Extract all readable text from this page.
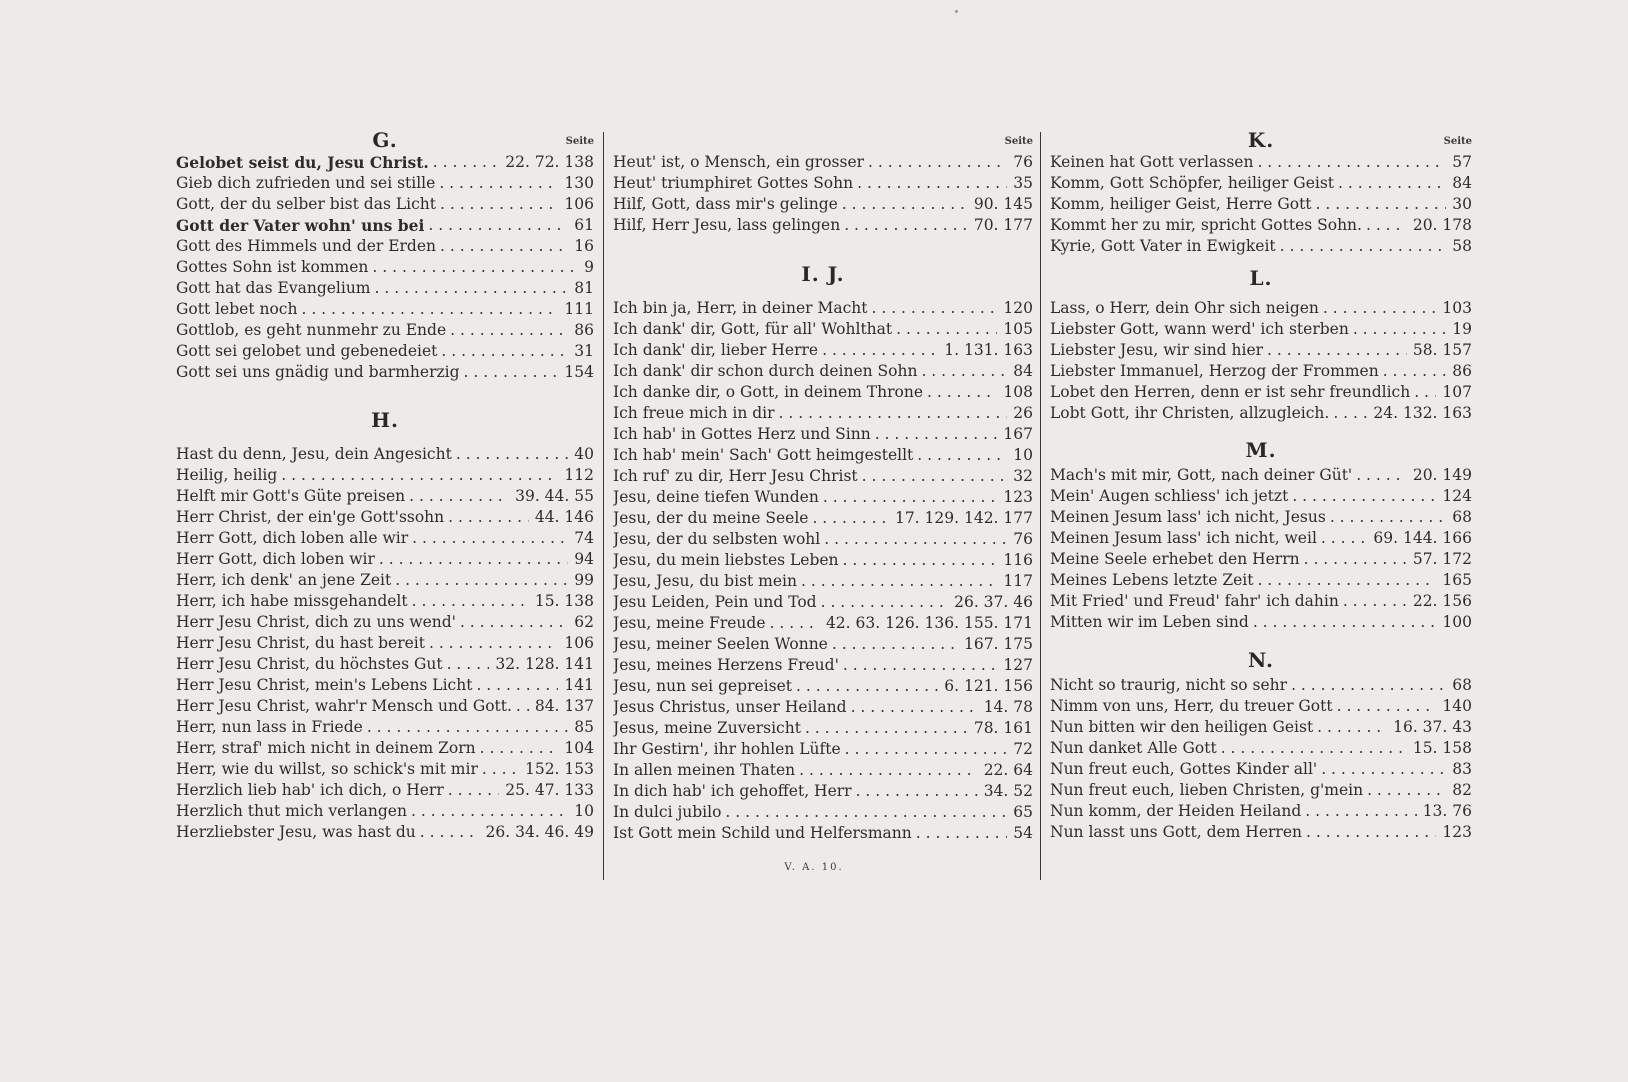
Seite
G.
Gelobet seist du, Jesu Christ. . . .	22. 72. 138
Gieb dich zufrieden und sei stille . . .	130
Gott, der du selber bist das Licht . . .	106
Gott der Vater wohn' uns bei . . .	61
Gott des Himmels und der Erden . . .	16
Gottes Sohn ist kommen . . .	9
Gott hat das Evangelium . . .	81
Gott lebet noch . . .	111
Gottlob, es geht nunmehr zu Ende . . .	86
Gott sei gelobet und gebenedeiet . . .	31
Gott sei uns gnädig und barmherzig . . .	154
H.
Hast du denn, Jesu, dein Angesicht . . .	40
Heilig, heilig . . .	112
Helft mir Gott's Güte preisen . . .	39. 44. 55
Herr Christ, der ein'ge Gott'ssohn . . .	44. 146
Herr Gott, dich loben alle wir . . .	74
Herr Gott, dich loben wir . . .	94
Herr, ich denk' an jene Zeit . . .	99
Herr, ich habe missgehandelt . . .	15. 138
Herr Jesu Christ, dich zu uns wend' . . .	62
Herr Jesu Christ, du hast bereit . . .	106
Herr Jesu Christ, du höchstes Gut . . .	32. 128. 141
Herr Jesu Christ, mein's Lebens Licht . . .	141
Herr Jesu Christ, wahr'r Mensch und Gott. . . .	84. 137
Herr, nun lass in Friede . . .	85
Herr, straf' mich nicht in deinem Zorn . . .	104
Herr, wie du willst, so schick's mit mir . . .	152. 153
Herzlich lieb hab' ich dich, o Herr . . .	25. 47. 133
Herzlich thut mich verlangen . . .	10
Herzliebster Jesu, was hast du . . .	26. 34. 46. 49
Seite
Heut' ist, o Mensch, ein grosser . . .	76
Heut' triumphiret Gottes Sohn . . .	35
Hilf, Gott, dass mir's gelinge . . .	90. 145
Hilf, Herr Jesu, lass gelingen . . .	70. 177
I. J.
Ich bin ja, Herr, in deiner Macht . . .	120
Ich dank' dir, Gott, für all' Wohlthat . . .	105
Ich dank' dir, lieber Herre . . .	1. 131. 163
Ich dank' dir schon durch deinen Sohn . . .	84
Ich danke dir, o Gott, in deinem Throne . . .	108
Ich freue mich in dir . . .	26
Ich hab' in Gottes Herz und Sinn . . .	167
Ich hab' mein' Sach' Gott heimgestellt . . .	10
Ich ruf' zu dir, Herr Jesu Christ . . .	32
Jesu, deine tiefen Wunden . . .	123
Jesu, der du meine Seele . . .	17. 129. 142. 177
Jesu, der du selbsten wohl . . .	76
Jesu, du mein liebstes Leben . . .	116
Jesu, Jesu, du bist mein . . .	117
Jesu Leiden, Pein und Tod . . .	26. 37. 46
Jesu, meine Freude . . .	42. 63. 126. 136. 155. 171
Jesu, meiner Seelen Wonne . . .	167. 175
Jesu, meines Herzens Freud' . . .	127
Jesu, nun sei gepreiset . . .	6. 121. 156
Jesus Christus, unser Heiland . . .	14. 78
Jesus, meine Zuversicht . . .	78. 161
Ihr Gestirn', ihr hohlen Lüfte . . .	72
In allen meinen Thaten . . .	22. 64
In dich hab' ich gehoffet, Herr . . .	34. 52
In dulci jubilo . . .	65
Ist Gott mein Schild und Helfersmann . . .	54
Seite
K.
Keinen hat Gott verlassen . . .	57
Komm, Gott Schöpfer, heiliger Geist . . .	84
Komm, heiliger Geist, Herre Gott . . .	30
Kommt her zu mir, spricht Gottes Sohn. . . .	20. 178
Kyrie, Gott Vater in Ewigkeit . . .	58
L.
Lass, o Herr, dein Ohr sich neigen . . .	103
Liebster Gott, wann werd' ich sterben . . .	19
Liebster Jesu, wir sind hier . . .	58. 157
Liebster Immanuel, Herzog der Frommen . . .	86
Lobet den Herren, denn er ist sehr freundlich . . .	107
Lobt Gott, ihr Christen, allzugleich. . . .	24. 132. 163
M.
Mach's mit mir, Gott, nach deiner Güt' . . .	20. 149
Mein' Augen schliess' ich jetzt . . .	124
Meinen Jesum lass' ich nicht, Jesus . . .	68
Meinen Jesum lass' ich nicht, weil . . .	69. 144. 166
Meine Seele erhebet den Herrn . . .	57. 172
Meines Lebens letzte Zeit . . .	165
Mit Fried' und Freud' fahr' ich dahin . . .	22. 156
Mitten wir im Leben sind . . .	100
N.
Nicht so traurig, nicht so sehr . . .	68
Nimm von uns, Herr, du treuer Gott . . .	140
Nun bitten wir den heiligen Geist . . .	16. 37. 43
Nun danket Alle Gott . . .	15. 158
Nun freut euch, Gottes Kinder all' . . .	83
Nun freut euch, lieben Christen, g'mein . . .	82
Nun komm, der Heiden Heiland . . .	13. 76
Nun lasst uns Gott, dem Herren . . .	123
V. A. 10.
